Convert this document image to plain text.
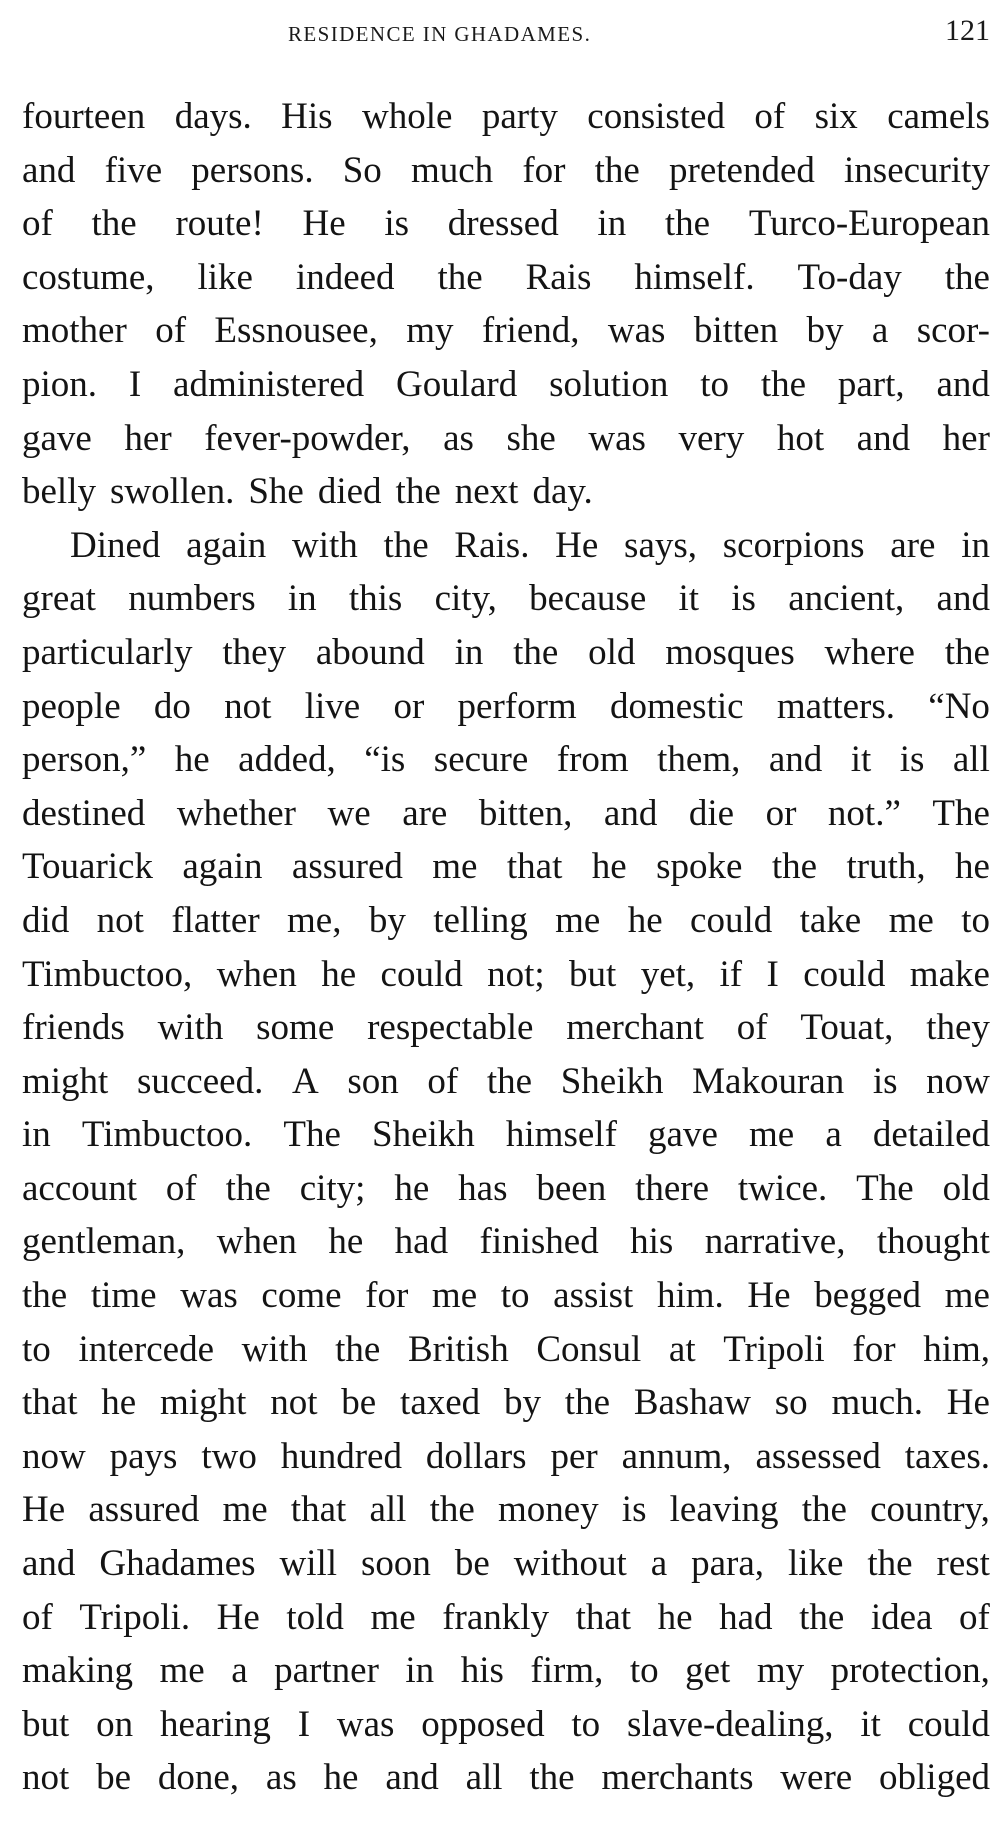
RESIDENCE IN GHADAMES.	121
fourteen days. His whole party consisted of six camels
and five persons. So much for the pretended insecurity
of the route! He is dressed in the Turco-European
costume, like indeed the Rais himself. To-day the
mother of Essnousee, my friend, was bitten by a scor-
pion. I administered Goulard solution to the part, and
gave her fever-powder, as she was very hot and her
belly swollen. She died the next day.
Dined again with the Rais. He says, scorpions are in
great numbers in this city, because it is ancient, and
particularly they abound in the old mosques where the
people do not live or perform domestic matters. “No
person,” he added, “is secure from them, and it is all
destined whether we are bitten, and die or not.” The
Touarick again assured me that he spoke the truth, he
did not flatter me, by telling me he could take me to
Timbuctoo, when he could not; but yet, if I could make
friends with some respectable merchant of Touat, they
might succeed. A son of the Sheikh Makouran is now
in Timbuctoo. The Sheikh himself gave me a detailed
account of the city; he has been there twice. The old
gentleman, when he had finished his narrative, thought
the time was come for me to assist him. He begged me
to intercede with the British Consul at Tripoli for him,
that he might not be taxed by the Bashaw so much. He
now pays two hundred dollars per annum, assessed taxes.
He assured me that all the money is leaving the country,
and Ghadames will soon be without a para, like the rest
of Tripoli. He told me frankly that he had the idea of
making me a partner in his firm, to get my protection,
but on hearing I was opposed to slave-dealing, it could
not be done, as he and all the merchants were obliged
